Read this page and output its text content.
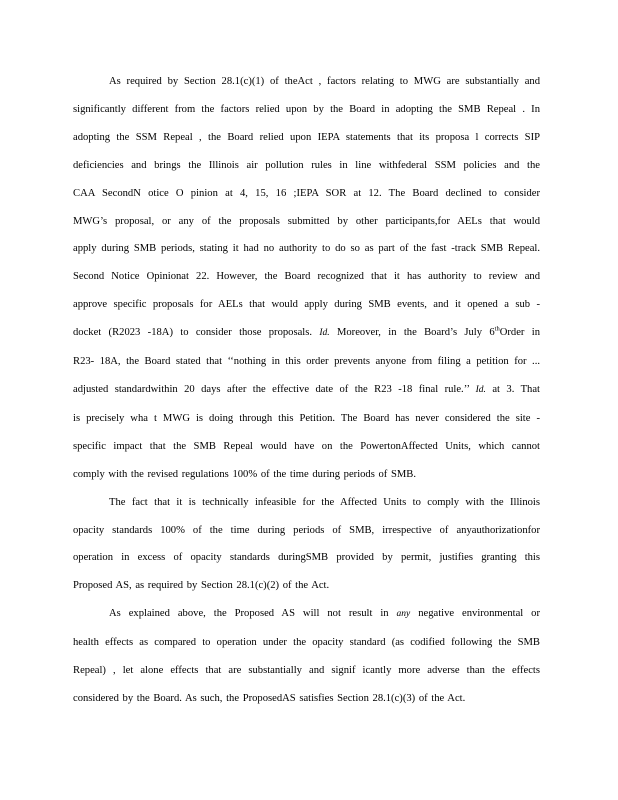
As required by Section 28.1(c)(1) of theAct , factors relating to MWG are substantially and
significantly different from the factors relied upon by the Board in adopting the SMB Repeal . In
adopting the SSM Repeal , the Board relied upon IEPA statements that its proposa l corrects SIP
deficiencies and brings the Illinois air pollution rules in line withfederal SSM policies and the
CAA SecondN otice O pinion at 4, 15, 16 ;IEPA SOR at 12. The Board declined to consider
MWG’s proposal, or any of the proposals submitted by other participants,for AELs that would
apply during SMB periods, stating it had no authority to do so as part of the fast -track SMB Repeal.
Second Notice Opinionat 22. However, the Board recognized that it has authority to review and
approve specific proposals for AELs that would apply during SMB events, and it opened a sub -
docket (R2023 -18A) to consider those proposals. Id. Moreover, in the Board’s July 6thOrder in
R23- 18A, the Board stated that ‘‘nothing in this order prevents anyone from filing a petition for ...
adjusted standardwithin 20 days after the effective date of the R23 -18 final rule.’’ Id. at 3. That
is precisely wha t MWG is doing through this Petition. The Board has never considered the site -
specific impact that the SMB Repeal would have on the PowertonAffected Units, which cannot
comply with the revised regulations 100% of the time during periods of SMB.
The fact that it is technically infeasible for the Affected Units to comply with the Illinois
opacity standards 100% of the time during periods of SMB, irrespective of anyauthorizationfor
operation in excess of opacity standards duringSMB provided by permit, justifies granting this
Proposed AS, as required by Section 28.1(c)(2) of the Act.
As explained above, the Proposed AS will not result in any negative environmental or
health effects as compared to operation under the opacity standard (as codified following the SMB
Repeal) , let alone effects that are substantially and signif icantly more adverse than the effects
considered by the Board. As such, the ProposedAS satisfies Section 28.1(c)(3) of the Act.
